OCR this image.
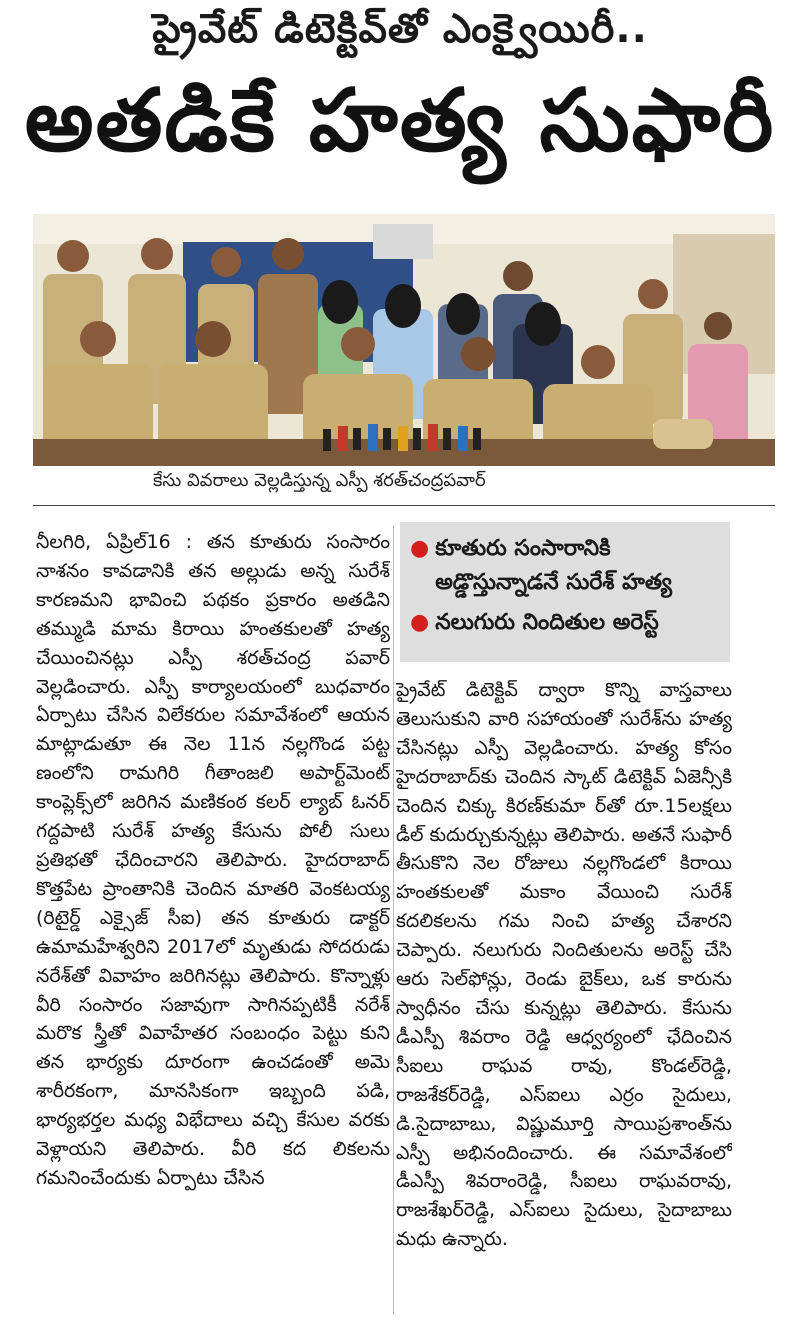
ప్రైవేట్ డిటెక్టివ్‌తో ఎంక్వైయిరీ..
అతడికే హత్య సుఫారీ
కేసు వివరాలు వెల్లడిస్తున్న ఎస్పీ శరత్‌చంద్రపవార్
నీలగిరి, ఏప్రిల్16 : తన కూతురు సంసారం నాశనం కావడానికి తన అల్లుడు అన్న సురేశ్ కారణమని భావించి పథకం ప్రకారం అతడిని తమ్ముడి మామ కిరాయి హంతకులతో హత్య చేయించినట్లు ఎస్పీ శరత్‌చంద్ర పవార్ వెల్లడించారు. ఎస్పీ కార్యాలయంలో బుధవారం ఏర్పాటు చేసిన విలేకరుల సమావేశంలో ఆయన మాట్లాడుతూ ఈ నెల 11న నల్లగొండ పట్ట ణంలోని రామగిరి గీతాంజలి అపార్ట్‌మెంట్ కాంప్లెక్స్‌లో జరిగిన మణికంఠ కలర్ ల్యాబ్ ఓనర్ గద్దపాటి సురేశ్ హత్య కేసును పోలీ సులు ప్రతిభతో ఛేదించారని తెలిపారు. హైదరాబాద్ కొత్తపేట ప్రాంతానికి చెందిన మాతరి వెంకటయ్య (రిటైర్డ్ ఎక్సైజ్ సీఐ) తన కూతురు డాక్టర్ ఉమామహేశ్వరిని 2017లో మృతుడు సోదరుడు నరేశ్‌తో వివాహం జరిగినట్లు తెలిపారు. కొన్నాళ్లు వీరి సంసారం సజావుగా సాగినప్పటికీ నరేశ్ మరొక స్త్రీతో వివాహేతర సంబంధం పెట్టు కుని తన భార్యకు దూరంగా ఉంచడంతో అమె శారీరకంగా, మానసికంగా ఇబ్బంది పడి, భార్యభర్తల మధ్య విభేదాలు వచ్చి కేసుల వరకు వెళ్లాయని తెలిపారు. వీరి కద లికలను గమనించేందుకు ఏర్పాటు చేసిన
● కూతురు సంసారానికి అడ్డొస్తున్నాడనే సురేశ్ హత్య
● నలుగురు నిందితుల అరెస్ట్
ప్రైవేట్ డిటెక్టివ్ ద్వారా కొన్ని వాస్తవాలు తెలుసుకుని వారి సహాయంతో సురేశ్‌ను హత్య చేసినట్లు ఎస్పీ వెల్లడించారు. హత్య కోసం హైదరాబాద్‌కు చెందిన స్కాట్ డిటెక్టివ్ ఏజెన్సీకి చెందిన చిక్కు కిరణ్‌కుమా ర్‌తో రూ.15లక్షలు డీల్ కుదుర్చుకున్నట్లు తెలిపారు. అతనే సుఫారీ తీసుకొని నెల రోజులు నల్లగొండలో కిరాయి హంతకులతో మకాం వేయించి సురేశ్ కదలికలను గమ నించి హత్య చేశారని చెప్పారు. నలుగురు నిందితులను అరెస్ట్ చేసి ఆరు సెల్‌ఫోన్లు, రెండు బైక్‌లు, ఒక కారును స్వాధీనం చేసు కున్నట్లు తెలిపారు. కేసును డీఎస్పీ శివరాం రెడ్డి ఆధ్వర్యంలో ఛేదించిన సీఐలు రాఘవ రావు, కొండల్‌రెడ్డి, రాజశేకర్‌రెడ్డి, ఎస్ఐలు ఎర్రం సైదులు, డి.సైదాబాబు, విష్ణుమూర్తి సాయిప్రశాంత్‌ను ఎస్పీ అభినందించారు. ఈ సమావేశంలో డీఎస్పీ శివరాంరెడ్డి, సీఐలు రాఘవరావు, రాజశేఖర్‌రెడ్డి, ఎస్ఐలు సైదులు, సైదాబాబు మధు ఉన్నారు.
